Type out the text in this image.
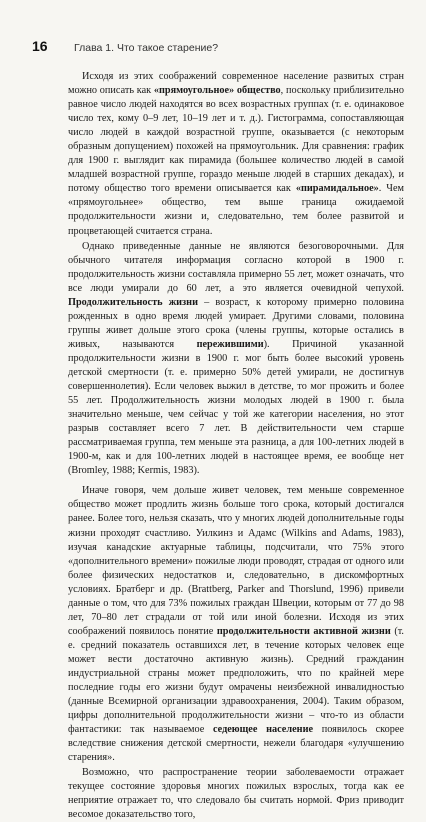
16	Глава 1. Что такое старение?

Исходя из этих соображений современное население развитых стран можно описать как «прямоугольное» общество, поскольку приблизительно равное число людей находятся во всех возрастных группах (т. е. одинаковое число тех, кому 0–9 лет, 10–19 лет и т. д.). Гистограмма, сопоставляющая число людей в каждой возрастной группе, оказывается (с некоторым образным допущением) похожей на прямоугольник. Для сравнения: график для 1900 г. выглядит как пирамида (большее количество людей в самой младшей возрастной группе, гораздо меньше людей в старших декадах), и потому общество того времени описывается как «пирамидальное». Чем «прямоугольнее» общество, тем выше граница ожидаемой продолжительности жизни и, следовательно, тем более развитой и процветающей считается страна.

Однако приведенные данные не являются безоговорочными. Для обычного читателя информация согласно которой в 1900 г. продолжительность жизни составляла примерно 55 лет, может означать, что все люди умирали до 60 лет, а это является очевидной чепухой. Продолжительность жизни – возраст, к которому примерно половина рожденных в одно время людей умирает. Другими словами, половина группы живет дольше этого срока (члены группы, которые остались в живых, называются пережившими). Причиной указанной продолжительности жизни в 1900 г. мог быть более высокий уровень детской смертности (т. е. примерно 50% детей умирали, не достигнув совершеннолетия). Если человек выжил в детстве, то мог прожить и более 55 лет. Продолжительность жизни молодых людей в 1900 г. была значительно меньше, чем сейчас у той же категории населения, но этот разрыв составляет всего 7 лет. В действительности чем старше рассматриваемая группа, тем меньше эта разница, а для 100-летних людей в 1900-м, как и для 100-летних людей в настоящее время, ее вообще нет (Bromley, 1988; Kermis, 1983).

Иначе говоря, чем дольше живет человек, тем меньше современное общество может продлить жизнь больше того срока, который достигался ранее. Более того, нельзя сказать, что у многих людей дополнительные годы жизни проходят счастливо. Уилкинз и Адамс (Wilkins and Adams, 1983), изучая канадские актуарные таблицы, подсчитали, что 75% этого «дополнительного времени» пожилые люди проводят, страдая от одного или более физических недостатков и, следовательно, в дискомфортных условиях. Братберг и др. (Brattberg, Parker and Thorslund, 1996) привели данные о том, что для 73% пожилых граждан Швеции, которым от 77 до 98 лет, 70–80 лет страдали от той или иной болезни. Исходя из этих соображений появилось понятие продолжительности активной жизни (т. е. средний показатель оставшихся лет, в течение которых человек еще может вести достаточно активную жизнь). Средний гражданин индустриальной страны может предположить, что по крайней мере последние годы его жизни будут омрачены неизбежной инвалидностью (данные Всемирной организации здравоохранения, 2004). Таким образом, цифры дополнительной продолжительности жизни – что-то из области фантастики: так называемое седеющее население появилось скорее вследствие снижения детской смертности, нежели благодаря «улучшению старения».

Возможно, что распространение теории заболеваемости отражает текущее состояние здоровья многих пожилых взрослых, тогда как ее неприятие отражает то, что следовало бы считать нормой. Фриз приводит весомое доказательство того,
